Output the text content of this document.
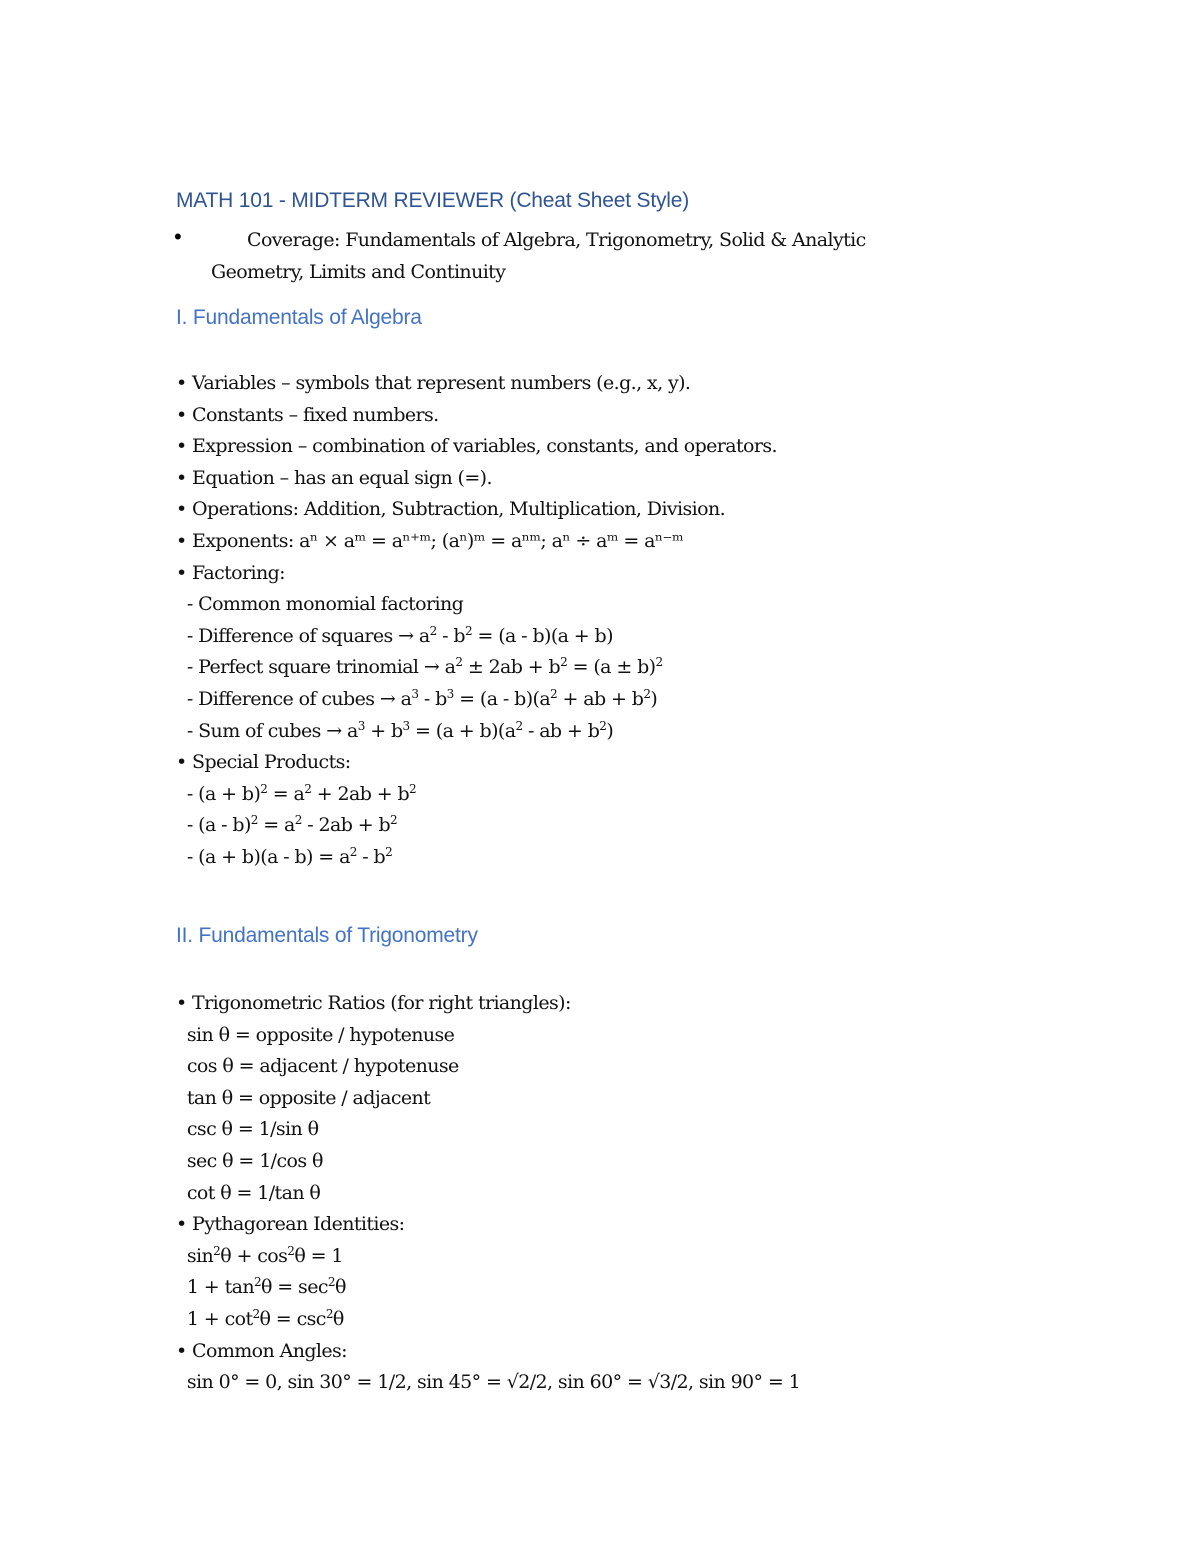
MATH 101 - MIDTERM REVIEWER (Cheat Sheet Style)
•	Coverage: Fundamentals of Algebra, Trigonometry, Solid & Analytic Geometry, Limits and Continuity
I. Fundamentals of Algebra
• Variables – symbols that represent numbers (e.g., x, y).
• Constants – fixed numbers.
• Expression – combination of variables, constants, and operators.
• Equation – has an equal sign (=).
• Operations: Addition, Subtraction, Multiplication, Division.
• Exponents: aⁿ × aᵐ = aⁿ⁺ᵐ; (aⁿ)ᵐ = aⁿᵐ; aⁿ ÷ aᵐ = aⁿ⁻ᵐ
• Factoring:
- Common monomial factoring
- Difference of squares → $a^2 - b^2 = (a - b)(a + b)$
- Perfect square trinomial → $a^2 \pm 2ab + b^2 = (a \pm b)^2$
- Difference of cubes → $a^3 - b^3 = (a - b)(a^2$ + ab + $b^2$)
- Sum of cubes → $a^3 + b^3 = (a + b)(a^2$ - ab + $b^2$)
• Special Products:
- $(a + b)^2 = a^2 + 2ab + b^2$
- $(a - b)^2 = a^2 - 2ab + b^2$
- $(a + b)(a - b) = a^2 - b^2$
II. Fundamentals of Trigonometry
• Trigonometric Ratios (for right triangles):
sin θ = opposite / hypotenuse
cos θ = adjacent / hypotenuse
tan θ = opposite / adjacent
csc θ = 1/sin θ
sec θ = 1/cos θ
cot θ = 1/tan θ
• Pythagorean Identities:
$\sin^2\theta + \cos^2\theta = 1$
$1 + \tan^2\theta = \sec^2\theta$
$1 + \cot^2\theta = \csc^2\theta$
• Common Angles:
sin 0° = 0, sin 30° = 1/2, sin 45° = √2/2, sin 60° = √3/2, sin 90° = 1
